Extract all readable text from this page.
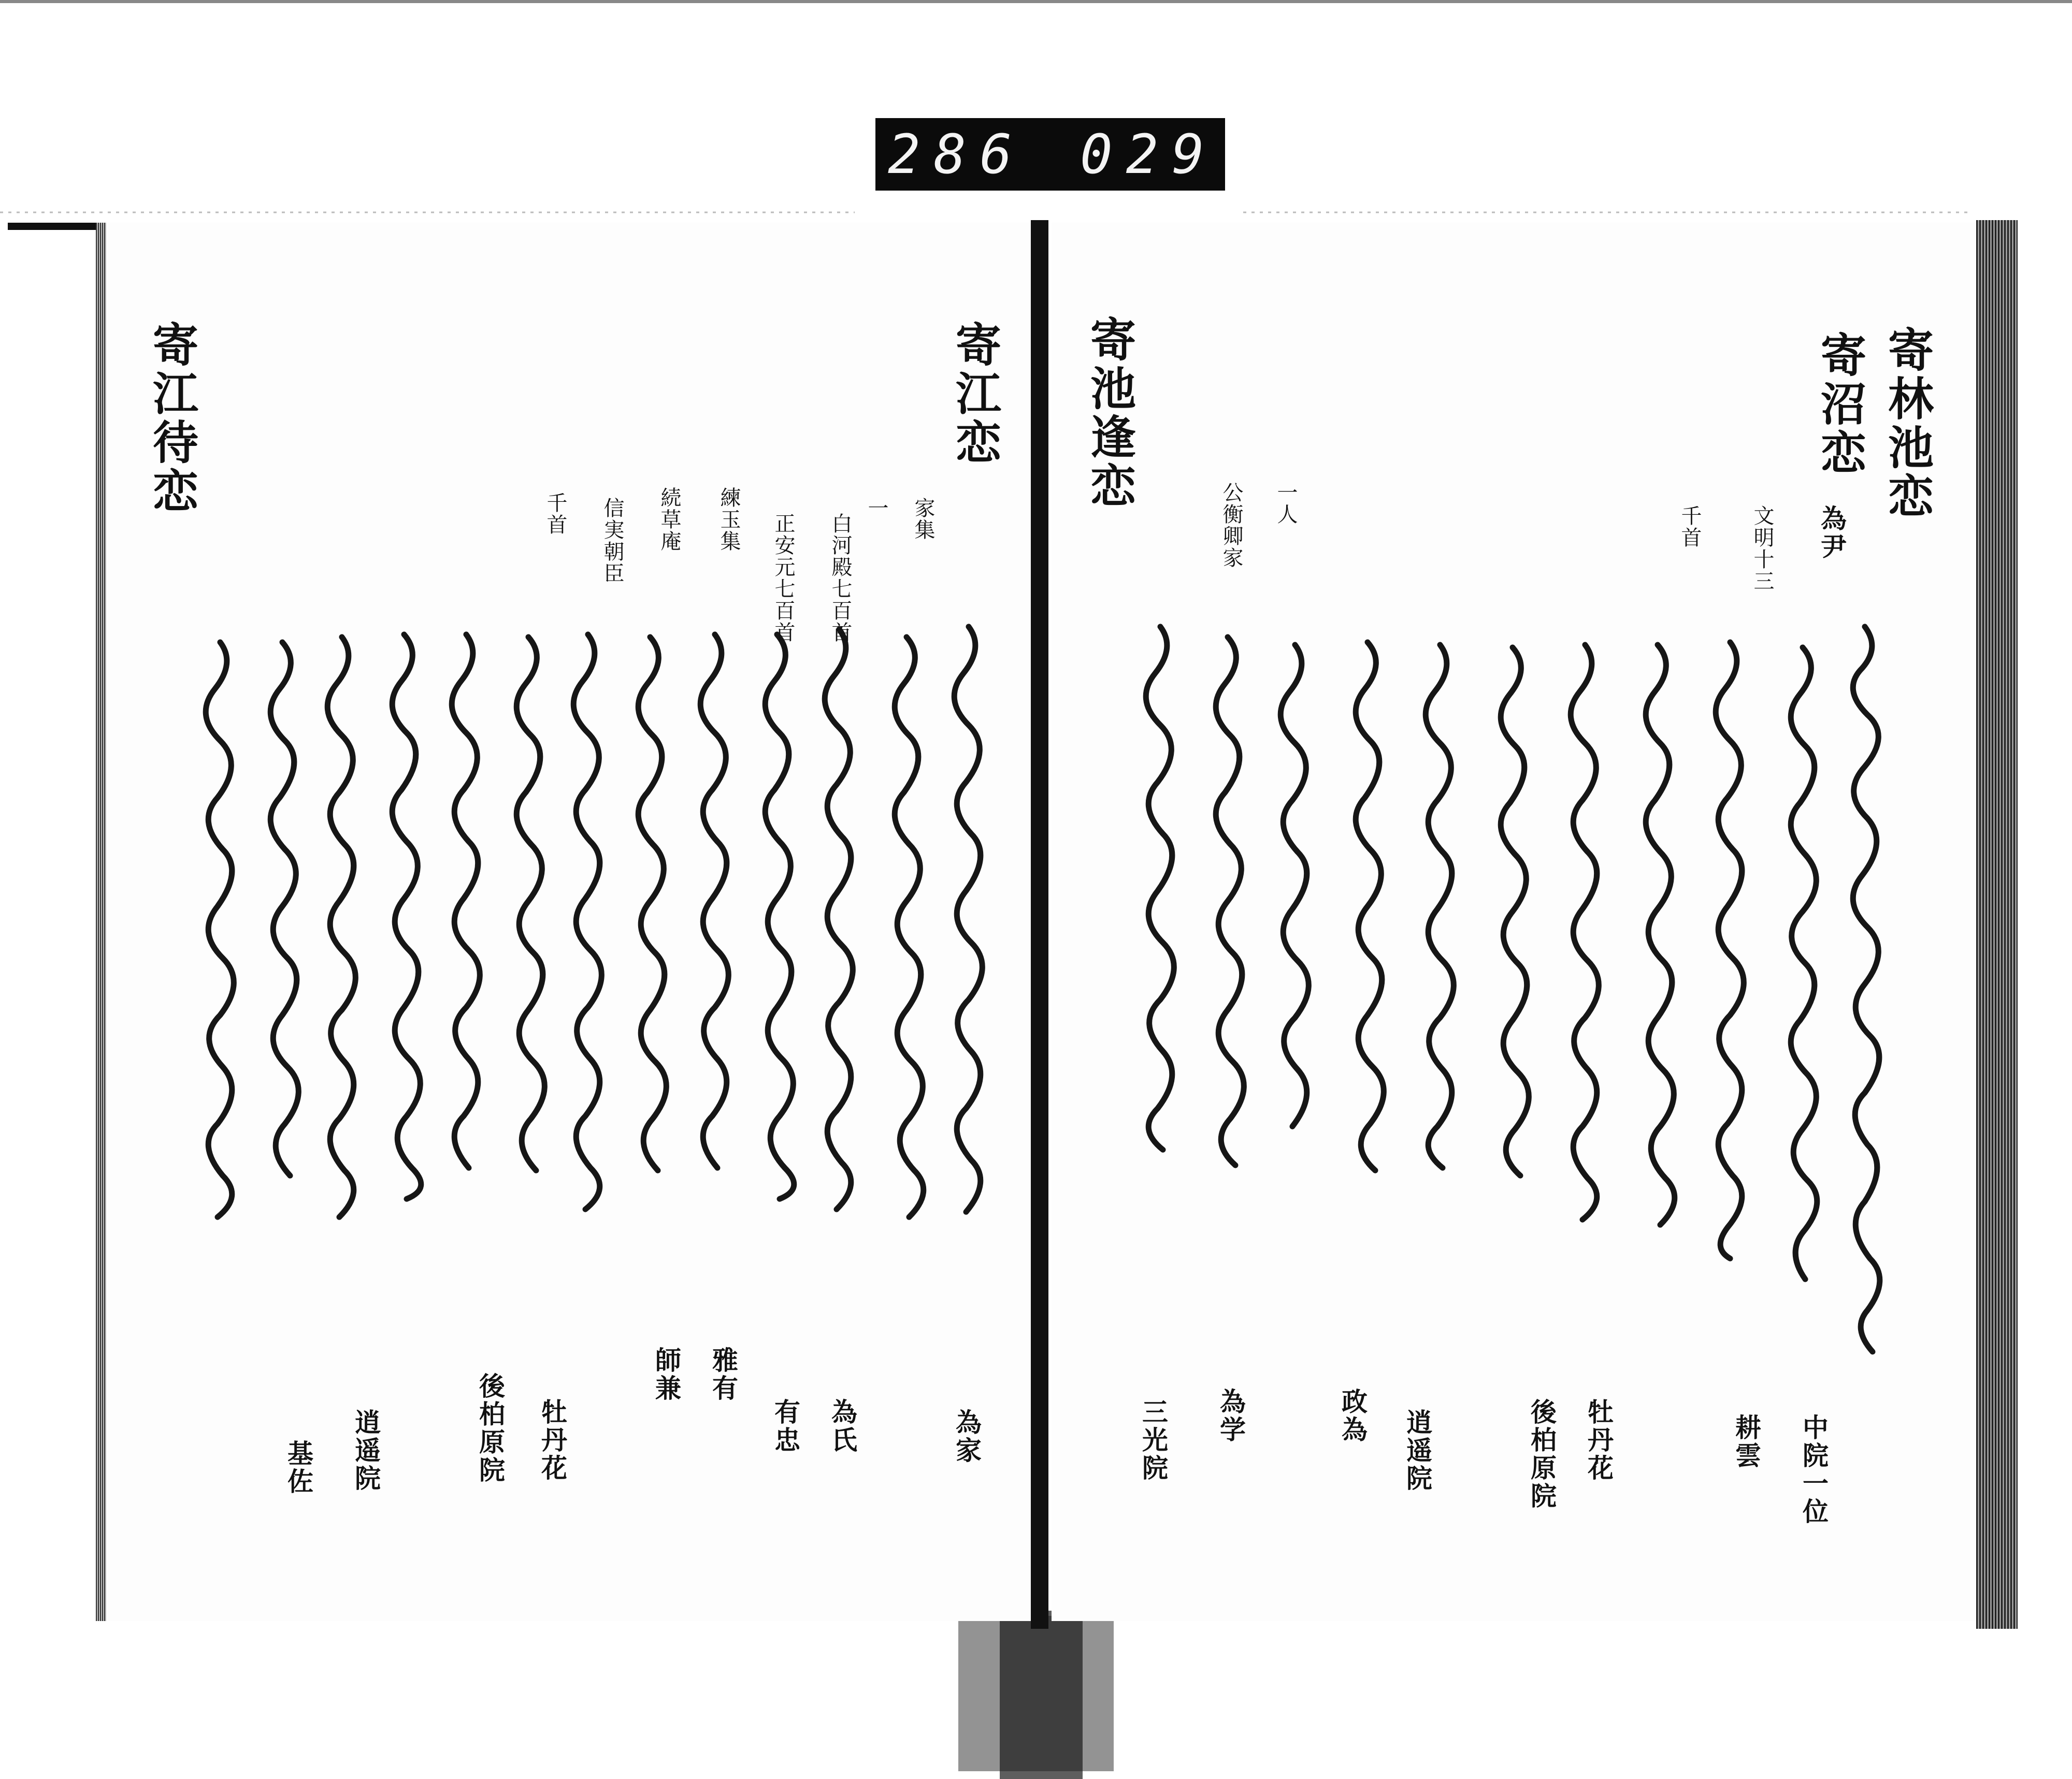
286 029
寄林池恋
寄沼恋
寄池逢恋
文明十三
千首
一人
公衡卿家	為尹
中院一位
耕雲
牡丹花
後柏原院
逍遥院
政為
為学
三光院
寄江恋
寄江待恋
家集
一
白河殿七百首
正安元七百首
練玉集
続草庵
信実朝臣
千首
為家
為氏
有忠
雅有
師兼
牡丹花
後柏原院
逍遥院
基佐
